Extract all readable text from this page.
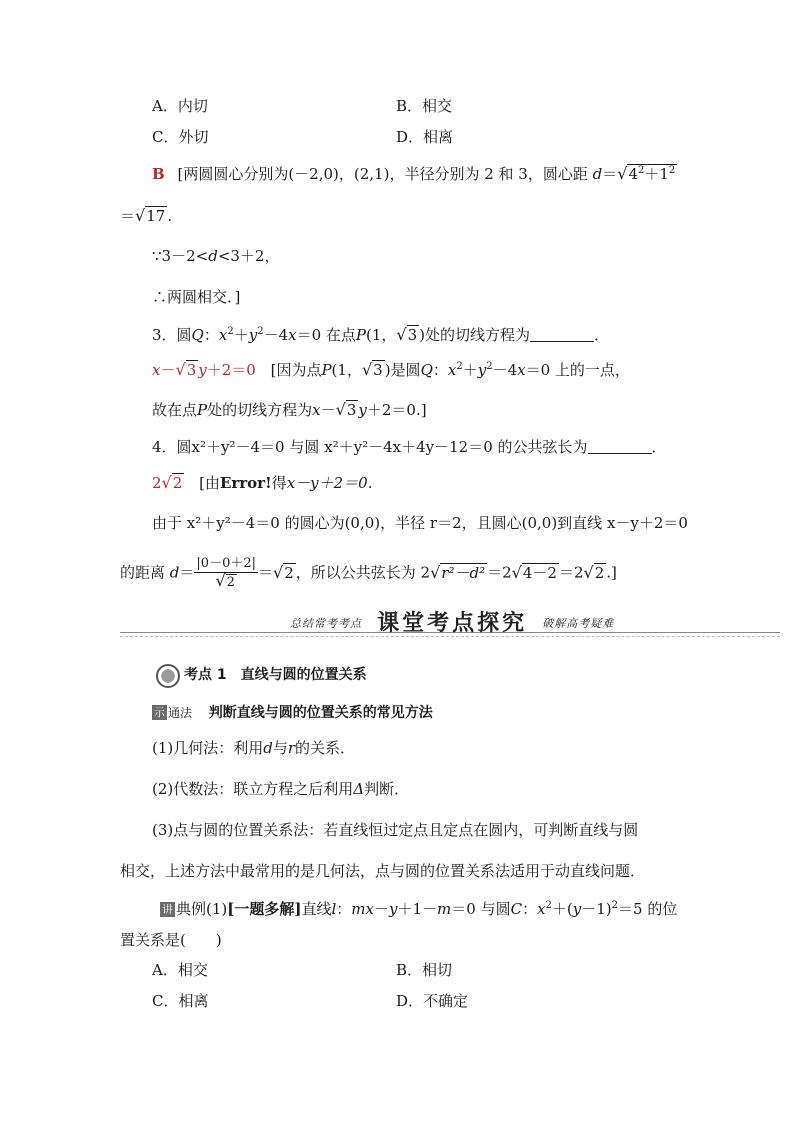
A．内切	B．相交
C．外切	D．相离
B [两圆圆心分别为(－2,0)，(2,1)，半径分别为 2 和 3，圆心距 $d=√4^2+1^2$
＝√17 .
∵3－2<d<3＋2，
∴两圆相交．]
3．圆Q：$x^2+y^2-4x=0$ 在点P(1，√3 )处的切线方程为	．
x－√3 y＋2＝0 [因为点P(1，√3 )是圆Q：$x^2+y^2-4x=0$ 上的一点，
故在点P处的切线方程为x－√3 y＋2＝0.]
4．圆x²＋y²－4＝0 与圆 x²＋y²－4x＋4y－12＝0 的公共弦长为	．
2√2 [由Error!得x－y＋2＝0.
由于 x²＋y²－4＝0 的圆心为(0,0)，半径 r＝2，且圆心(0,0)到直线 x－y＋2＝0
的距离 $d= \frac{|0-0+2|}{√2} =√2$ ，所以公共弦长为 2√r²－d² ＝2√4－2 ＝2√2 .]
总结常考考点 课堂考点探究 破解高考疑难
考点 1　直线与圆的位置关系
示 通法 判断直线与圆的位置关系的常见方法
(1)几何法：利用d与r的关系．
(2)代数法：联立方程之后利用Δ判断．
(3)点与圆的位置关系法：若直线恒过定点且定点在圆内，可判断直线与圆
相交，上述方法中最常用的是几何法，点与圆的位置关系法适用于动直线问题．
讲 典例(1)[一题多解]直线l：mx－y＋1－m＝0 与圆C：$x^2+(y-1)^2=5$ 的位
置关系是(　　)
A．相交	B．相切
C．相离	D．不确定
